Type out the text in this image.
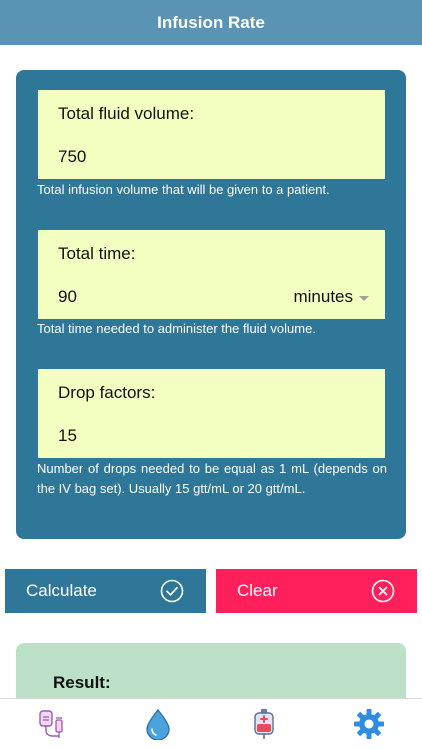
Infusion Rate
Total fluid volume:
750
Total infusion volume that will be given to a patient.
Total time:
90	minutes
Total time needed to administer the fluid volume.
Drop factors:
15
Number of drops needed to be equal as 1 mL (depends on the IV bag set). Usually 15 gtt/mL or 20 gtt/mL.
Calculate	Clear
Result:
